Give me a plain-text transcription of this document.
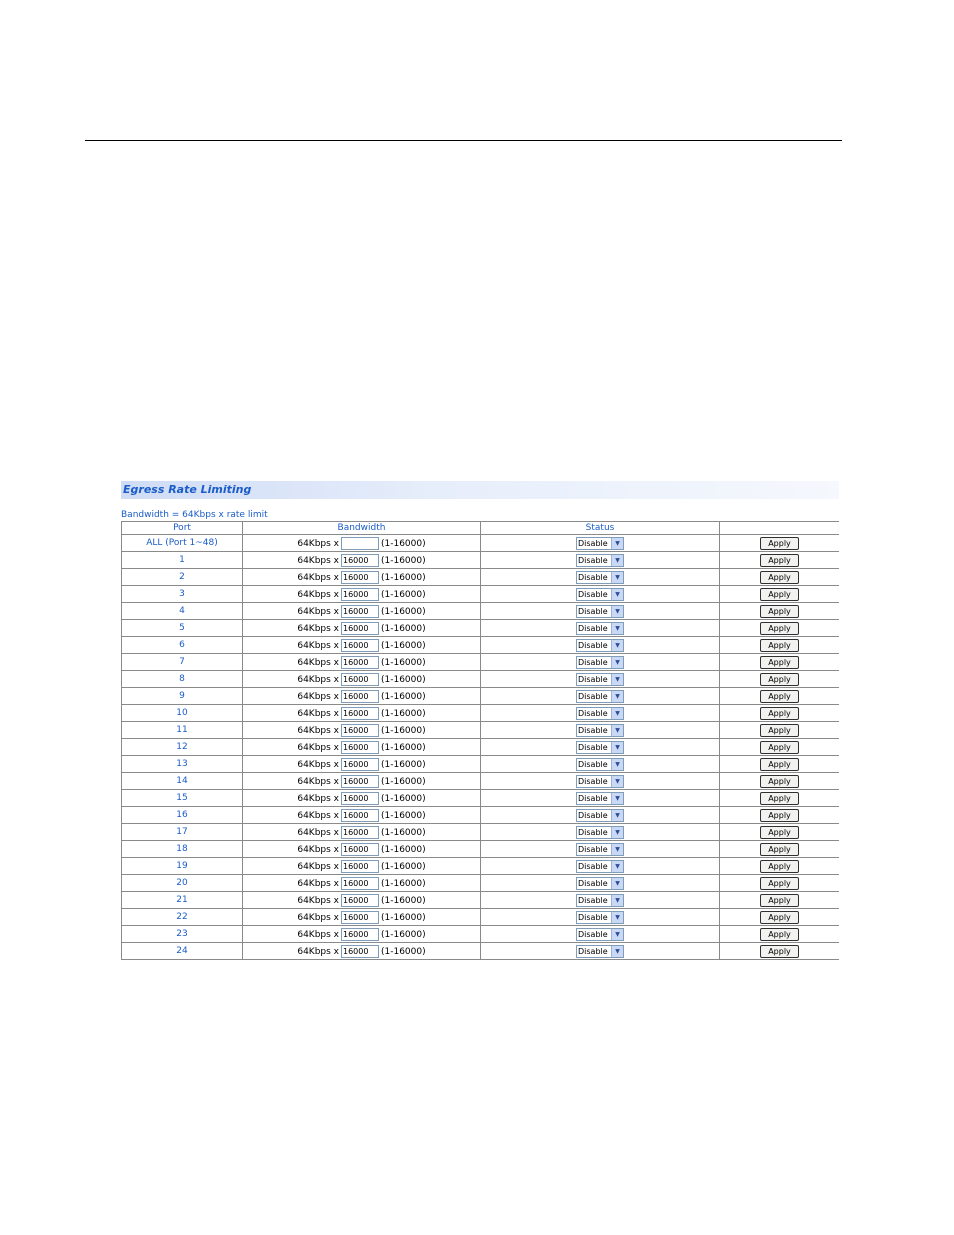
Egress Rate Limiting
Bandwidth = 64Kbps x rate limit
Port	Bandwidth	Status	
ALL (Port 1~48)	64Kbps x (1-16000)	Disable ▼	Apply
1	64Kbps x16000 (1-16000)	Disable ▼	Apply
2	64Kbps x16000 (1-16000)	Disable ▼	Apply
3	64Kbps x16000 (1-16000)	Disable ▼	Apply
4	64Kbps x16000 (1-16000)	Disable ▼	Apply
5	64Kbps x16000 (1-16000)	Disable ▼	Apply
6	64Kbps x16000 (1-16000)	Disable ▼	Apply
7	64Kbps x16000 (1-16000)	Disable ▼	Apply
8	64Kbps x16000 (1-16000)	Disable ▼	Apply
9	64Kbps x16000 (1-16000)	Disable ▼	Apply
10	64Kbps x16000 (1-16000)	Disable ▼	Apply
11	64Kbps x16000 (1-16000)	Disable ▼	Apply
12	64Kbps x16000 (1-16000)	Disable ▼	Apply
13	64Kbps x16000 (1-16000)	Disable ▼	Apply
14	64Kbps x16000 (1-16000)	Disable ▼	Apply
15	64Kbps x16000 (1-16000)	Disable ▼	Apply
16	64Kbps x16000 (1-16000)	Disable ▼	Apply
17	64Kbps x16000 (1-16000)	Disable ▼	Apply
18	64Kbps x16000 (1-16000)	Disable ▼	Apply
19	64Kbps x16000 (1-16000)	Disable ▼	Apply
20	64Kbps x16000 (1-16000)	Disable ▼	Apply
21	64Kbps x16000 (1-16000)	Disable ▼	Apply
22	64Kbps x16000 (1-16000)	Disable ▼	Apply
23	64Kbps x16000 (1-16000)	Disable ▼	Apply
24	64Kbps x16000 (1-16000)	Disable ▼	Apply
